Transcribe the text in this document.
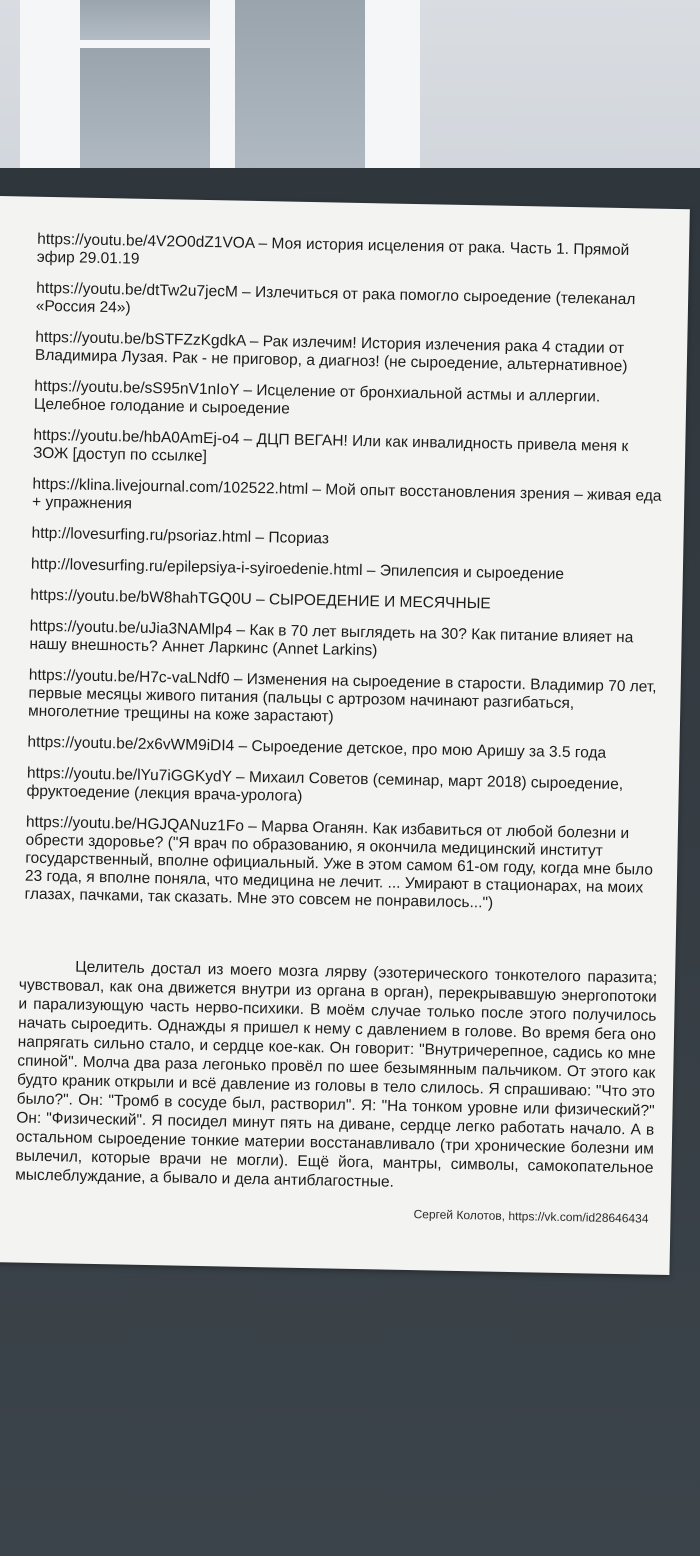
https://youtu.be/4V2O0dZ1VOA – Моя история исцеления от рака. Часть 1. Прямой эфир 29.01.19

https://youtu.be/dtTw2u7jecM – Излечиться от рака помогло сыроедение (телеканал «Россия 24»)

https://youtu.be/bSTFZzKgdkA – Рак излечим! История излечения рака 4 стадии от Владимира Лузая. Рак - не приговор, а диагноз! (не сыроедение, альтернативное)

https://youtu.be/sS95nV1nIoY – Исцеление от бронхиальной астмы и аллергии. Целебное голодание и сыроедение

https://youtu.be/hbA0AmEj-o4 – ДЦП ВЕГАН! Или как инвалидность привела меня к ЗОЖ [доступ по ссылке]

https://klina.livejournal.com/102522.html – Мой опыт восстановления зрения – живая еда + упражнения

http://lovesurfing.ru/psoriaz.html – Псориаз

http://lovesurfing.ru/epilepsiya-i-syiroedenie.html – Эпилепсия и сыроедение

https://youtu.be/bW8hahTGQ0U – СЫРОЕДЕНИЕ И МЕСЯЧНЫЕ

https://youtu.be/uJia3NAMlp4 – Как в 70 лет выглядеть на 30? Как питание влияет на нашу внешность? Аннет Ларкинс (Annet Larkins)

https://youtu.be/H7c-vaLNdf0 – Изменения на сыроедение в старости. Владимир 70 лет, первые месяцы живого питания (пальцы с артрозом начинают разгибаться, многолетние трещины на коже зарастают)

https://youtu.be/2x6vWM9iDI4 – Сыроедение детское, про мою Аришу за 3.5 года

https://youtu.be/lYu7iGGKydY – Михаил Советов (семинар, март 2018) сыроедение, фруктоедение (лекция врача-уролога)

https://youtu.be/HGJQANuz1Fo – Марва Оганян. Как избавиться от любой болезни и обрести здоровье? ("Я врач по образованию, я окончила медицинский институт государственный, вполне официальный. Уже в этом самом 61-ом году, когда мне было 23 года, я вполне поняла, что медицина не лечит. ... Умирают в стационарах, на моих глазах, пачками, так сказать. Мне это совсем не понравилось...")

Целитель достал из моего мозга лярву (эзотерического тонкотелого паразита; чувствовал, как она движется внутри из органа в орган), перекрывавшую энергопотоки и парализующую часть нерво-психики. В моём случае только после этого получилось начать сыроедить. Однажды я пришел к нему с давлением в голове. Во время бега оно напрягать сильно стало, и сердце кое-как. Он говорит: "Внутричерепное, садись ко мне спиной". Молча два раза легонько провёл по шее безымянным пальчиком. От этого как будто краник открыли и всё давление из головы в тело слилось. Я спрашиваю: "Что это было?". Он: "Тромб в сосуде был, растворил". Я: "На тонком уровне или физический?" Он: "Физический". Я посидел минут пять на диване, сердце легко работать начало. А в остальном сыроедение тонкие материи восстанавливало (три хронические болезни им вылечил, которые врачи не могли). Ещё йога, мантры, символы, самокопательное мыслеблуждание, а бывало и дела антиблагостные.

Сергей Колотов, https://vk.com/id28646434
